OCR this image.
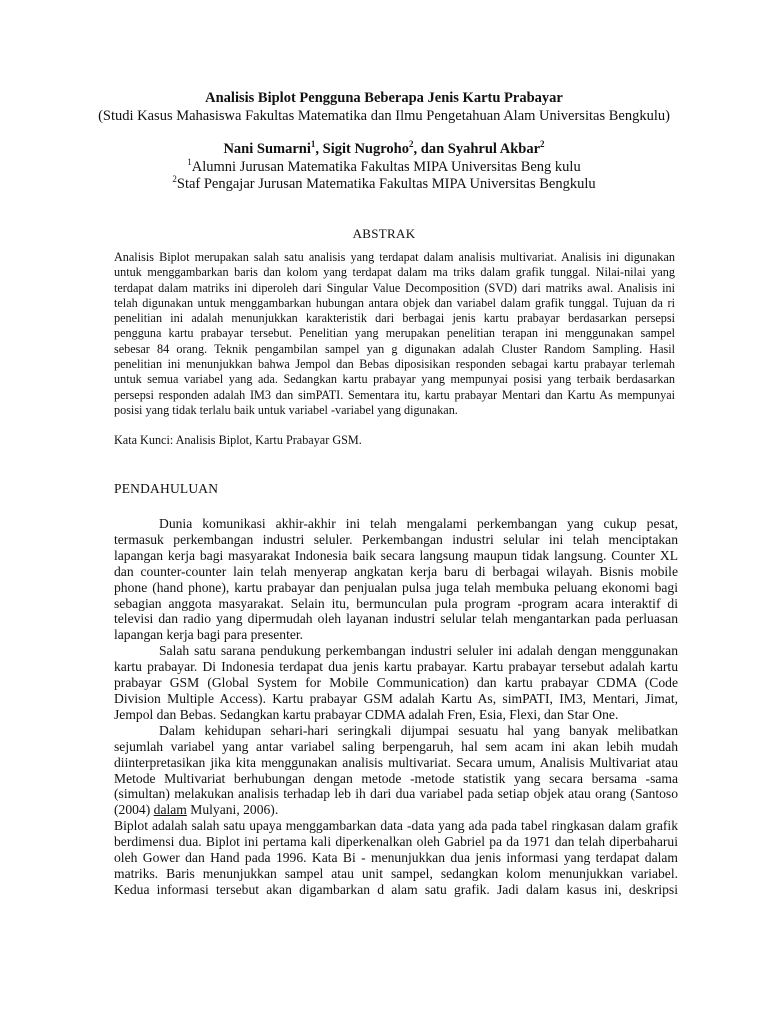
Analisis Biplot Pengguna Beberapa Jenis Kartu Prabayar
(Studi Kasus Mahasiswa Fakultas Matematika dan Ilmu Pengetahuan Alam Universitas Bengkulu)
Nani Sumarni$^1$, Sigit Nugroho$^2$, dan Syahrul Akbar$^2$
$^1$Alumni Jurusan Matematika Fakultas MIPA Universitas Beng kulu
$^2$Staf Pengajar Jurusan Matematika Fakultas MIPA Universitas Bengkulu
ABSTRAK
Analisis Biplot merupakan salah satu analisis yang terdapat dalam analisis multivariat. Analisis ini digunakan
untuk menggambarkan baris dan kolom yang terdapat dalam ma triks dalam grafik tunggal. Nilai-nilai yang
terdapat dalam matriks ini diperoleh dari Singular Value Decomposition (SVD) dari matriks awal. Analisis ini
telah digunakan untuk menggambarkan hubungan antara objek dan variabel dalam grafik tunggal. Tujuan da ri
penelitian ini adalah menunjukkan karakteristik dari berbagai jenis kartu prabayar berdasarkan persepsi
pengguna kartu prabayar tersebut. Penelitian yang merupakan penelitian terapan ini menggunakan sampel
sebesar 84 orang. Teknik pengambilan sampel yan g digunakan adalah Cluster Random Sampling. Hasil
penelitian ini menunjukkan bahwa Jempol dan Bebas diposisikan responden sebagai kartu prabayar terlemah
untuk semua variabel yang ada. Sedangkan kartu prabayar yang mempunyai posisi yang terbaik berdasarkan
persepsi responden adalah IM3 dan simPATI. Sementara itu, kartu prabayar Mentari dan Kartu As mempunyai
posisi yang tidak terlalu baik untuk variabel -variabel yang digunakan.
Kata Kunci: Analisis Biplot, Kartu Prabayar GSM.
PENDAHULUAN
Dunia komunikasi akhir-akhir ini telah mengalami perkembangan yang cukup pesat,
termasuk perkembangan industri seluler. Perkembangan industri selular ini telah menciptakan
lapangan kerja bagi masyarakat Indonesia baik secara langsung maupun tidak langsung. Counter XL
dan counter-counter lain telah menyerap angkatan kerja baru di berbagai wilayah. Bisnis mobile
phone (hand phone), kartu prabayar dan penjualan pulsa juga telah membuka peluang ekonomi bagi
sebagian anggota masyarakat. Selain itu, bermunculan pula program -program acara interaktif di
televisi dan radio yang dipermudah oleh layanan industri selular telah mengantarkan pada perluasan
lapangan kerja bagi para presenter.
Salah satu sarana pendukung perkembangan industri seluler ini adalah dengan menggunakan
kartu prabayar. Di Indonesia terdapat dua jenis kartu prabayar. Kartu prabayar tersebut adalah kartu
prabayar GSM (Global System for Mobile Communication) dan kartu prabayar CDMA (Code
Division Multiple Access). Kartu prabayar GSM adalah Kartu As, simPATI, IM3, Mentari, Jimat,
Jempol dan Bebas. Sedangkan kartu prabayar CDMA adalah Fren, Esia, Flexi, dan Star One.
Dalam kehidupan sehari-hari seringkali dijumpai sesuatu hal yang banyak melibatkan
sejumlah variabel yang antar variabel saling berpengaruh, hal sem acam ini akan lebih mudah
diinterpretasikan jika kita menggunakan analisis multivariat. Secara umum, Analisis Multivariat atau
Metode Multivariat berhubungan dengan metode -metode statistik yang secara bersama -sama
(simultan) melakukan analisis terhadap leb ih dari dua variabel pada setiap objek atau orang (Santoso
(2004) dalam Mulyani, 2006).
Biplot adalah salah satu upaya menggambarkan data -data yang ada pada tabel ringkasan dalam grafik
berdimensi dua. Biplot ini pertama kali diperkenalkan oleh Gabriel pa da 1971 dan telah diperbaharui
oleh Gower dan Hand pada 1996. Kata Bi - menunjukkan dua jenis informasi yang terdapat dalam
matriks. Baris menunjukkan sampel atau unit sampel, sedangkan kolom menunjukkan variabel.
Kedua informasi tersebut akan digambarkan d alam satu grafik. Jadi dalam kasus ini, deskripsi
